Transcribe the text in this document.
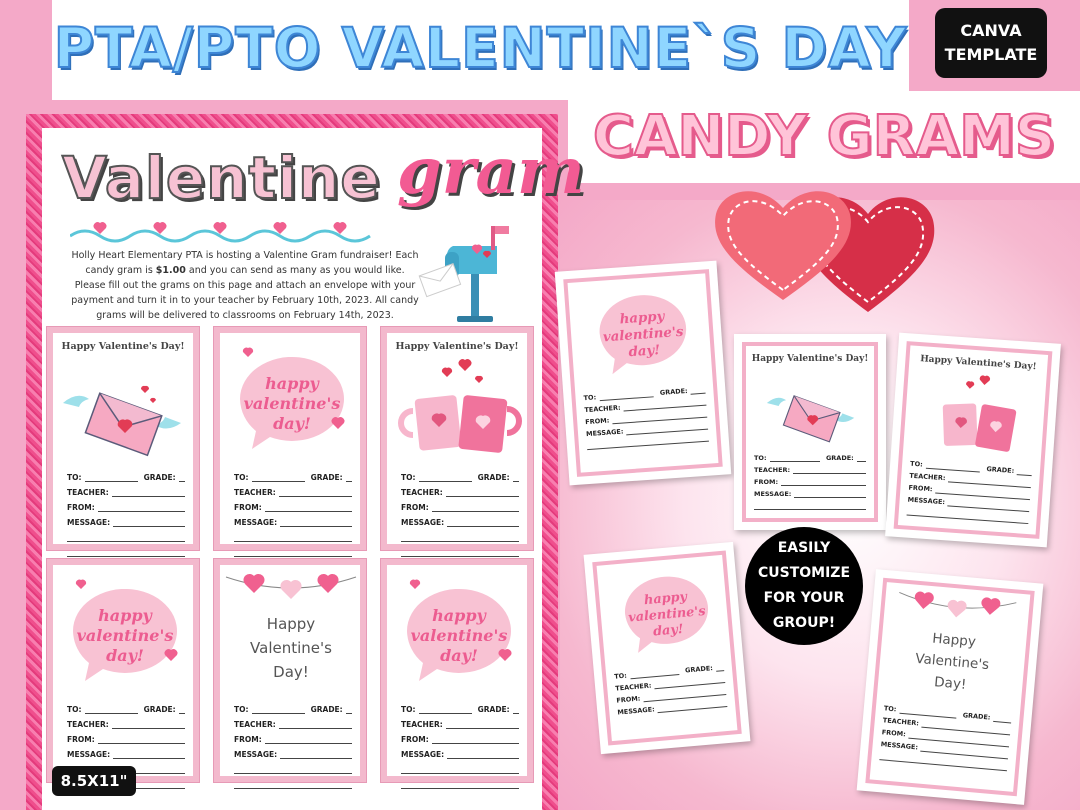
PTA/PTO VALENTINE`S DAY	CANVA
TEMPLATE
CANDY GRAMS
Valentine gram
Holly Heart Elementary PTA is hosting a Valentine Gram fundraiser! Each candy gram is $1.00 and you can send as many as you would like. Please fill out the grams on this page and attach an envelope with your payment and turn it in to your teacher by February 10th, 2023. All candy grams will be delivered to classrooms on February 14th, 2023.
Happy Valentine's Day!
TO:	GRADE:
TEACHER:
FROM:
MESSAGE:
happy
valentine's
day!
TO:	GRADE:
TEACHER:
FROM:
MESSAGE:
Happy Valentine's Day!
TO:	GRADE:
TEACHER:
FROM:
MESSAGE:
happy
valentine's
day!
TO:	GRADE:
TEACHER:
FROM:
MESSAGE:
Happy
Valentine's
Day!
TO:	GRADE:
TEACHER:
FROM:
MESSAGE:
happy
valentine's
day!
TO:	GRADE:
TEACHER:
FROM:
MESSAGE:
8.5X11"
happy
valentine's
day!
TO:
GRADE:
TEACHER:
FROM:
MESSAGE:
Happy Valentine's Day!
TO:	GRADE:
TEACHER:
FROM:
MESSAGE:
Happy Valentine's Day!
TO:
GRADE:
TEACHER:
FROM:
MESSAGE:
happy
valentine's
day!
TO:
GRADE:
TEACHER:
FROM:
MESSAGE:
Happy
Valentine's
Day!
TO:
GRADE:
TEACHER:
FROM:
MESSAGE:
EASILY
CUSTOMIZE
FOR YOUR
GROUP!
